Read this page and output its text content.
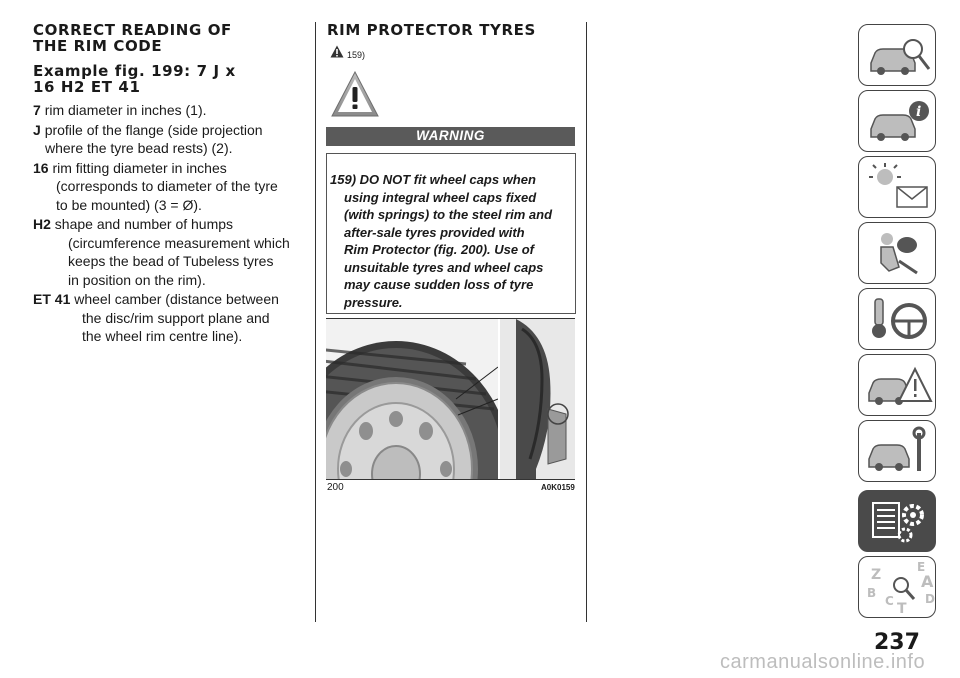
CORRECT READING OF
THE RIM CODE
Example fig. 199: 7 J x
16 H2 ET 41
7 rim diameter in inches (1).
J profile of the flange (side projection
where the tyre bead rests) (2).
16 rim fitting diameter in inches
(corresponds to diameter of the tyre
to be mounted) (3 = Ø).
H2 shape and number of humps
(circumference measurement which
keeps the bead of Tubeless tyres
in position on the rim).
ET 41 wheel camber (distance between
the disc/rim support plane and
the wheel rim centre line).
RIM PROTECTOR TYRES
159)
WARNING
159) DO NOT fit wheel caps when
using integral wheel caps fixed
(with springs) to the steel rim and
after-sale tyres provided with
Rim Protector (fig. 200). Use of
unsuitable tyres and wheel caps
may cause sudden loss of tyre
pressure.
200	A0K0159
i
Z
B
C T
E
A
D
237
carmanualsonline.info
